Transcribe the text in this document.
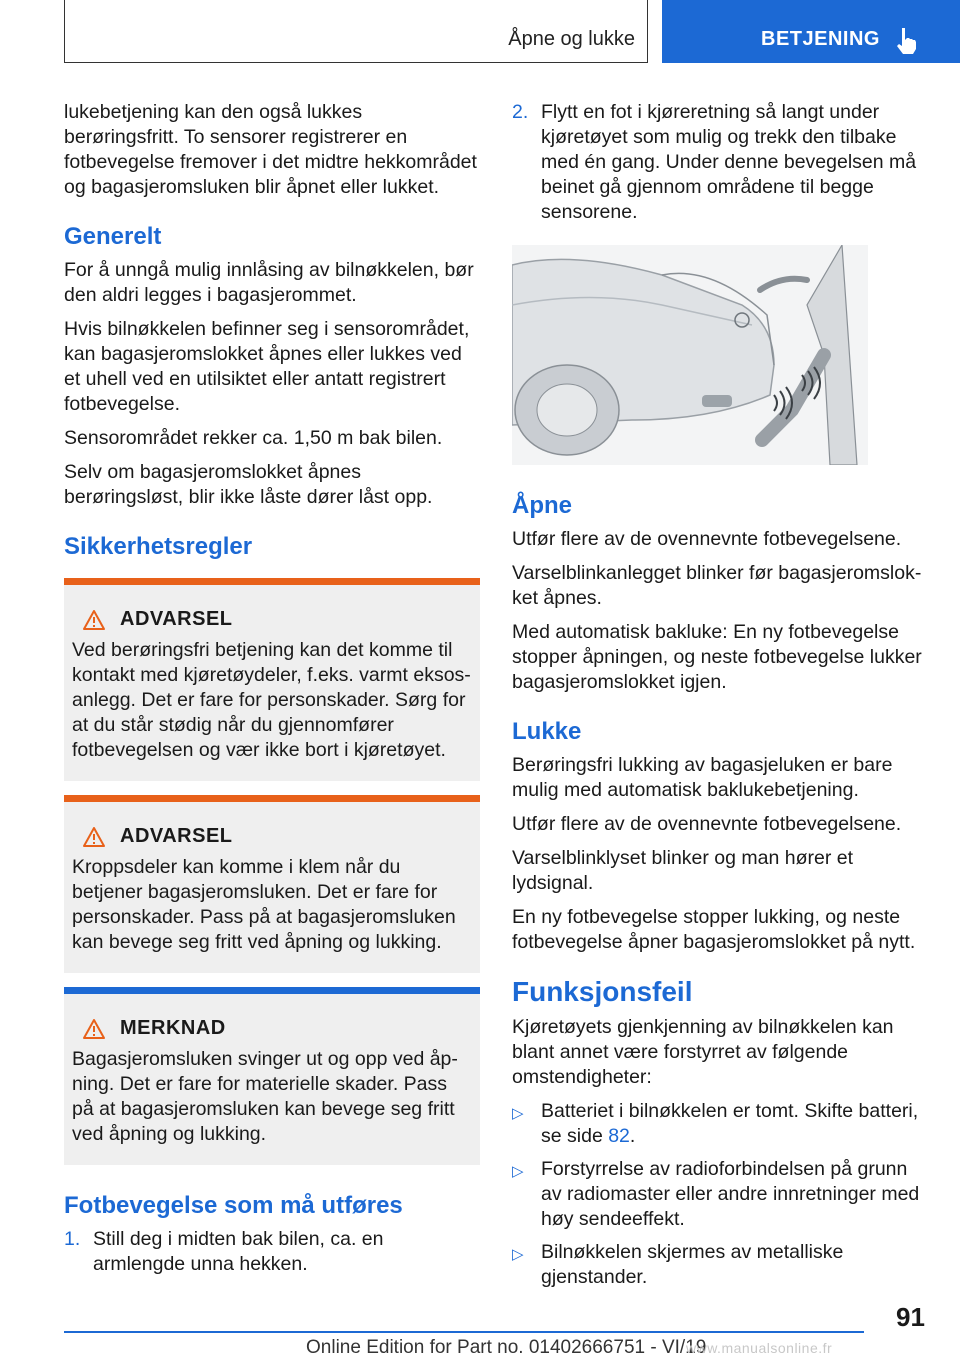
Åpne og lukke	BETJENING

lukebetjening kan den også lukkes berøringsfritt. To sensorer registrerer en fotbevegelse fremover i det midtre hekkområdet og bagasjeromsluken blir åpnet eller lukket.

Generelt

For å unngå mulig innlåsing av bilnøkkelen, bør den aldri legges i bagasjerommet.

Hvis bilnøkkelen befinner seg i sensorområdet, kan bagasjeromslokket åpnes eller lukkes ved et uhell ved en utilsiktet eller antatt registrert fotbevegelse.

Sensorområdet rekker ca. 1,50 m bak bilen.

Selv om bagasjeromslokket åpnes berøringsløst, blir ikke låste dører låst opp.

Sikkerhetsregler
ADVARSEL
Ved berøringsfri betjening kan det komme til kontakt med kjøretøydeler, f.eks. varmt eksosanlegg. Det er fare for personskader. Sørg for at du står stødig når du gjennomfører fotbevegelsen og vær ikke bort i kjøretøyet.
ADVARSEL
Kroppsdeler kan komme i klem når du betjener bagasjeromsluken. Det er fare for personskader. Pass på at bagasjeromsluken kan bevege seg fritt ved åpning og lukking.
MERKNAD
Bagasjeromsluken svinger ut og opp ved åpning. Det er fare for materielle skader. Pass på at bagasjeromsluken kan bevege seg fritt ved åpning og lukking.
Fotbevegelse som må utføres
1. Still deg i midten bak bilen, ca. en armlengde unna hekken.
2. Flytt en fot i kjøreretning så langt under kjøretøyet som mulig og trekk den tilbake med én gang. Under denne bevegelsen må beinet gå gjennom områdene til begge sensorene.
Åpne

Utfør flere av de ovennevnte fotbevegelsene.

Varselblinkanlegget blinker før bagasjeromslokket åpnes.

Med automatisk bakluke: En ny fotbevegelse stopper åpningen, og neste fotbevegelse lukker bagasjeromslokket igjen.

Lukke

Berøringsfri lukking av bagasjeluken er bare mulig med automatisk baklukebetjening.

Utfør flere av de ovennevnte fotbevegelsene.

Varselblinklyset blinker og man hører et lydsignal.

En ny fotbevegelse stopper lukking, og neste fotbevegelse åpner bagasjeromslokket på nytt.

Funksjonsfeil

Kjøretøyets gjenkjenning av bilnøkkelen kan blant annet være forstyrret av følgende omstendigheter:

▷ Batteriet i bilnøkkelen er tomt. Skifte batteri, se side 82.
▷ Forstyrrelse av radioforbindelsen på grunn av radiomaster eller andre innretninger med høy sendeeffekt.
▷ Bilnøkkelen skjermes av metalliske gjenstander.
91
Online Edition for Part no. 01402666751 - VI/19
www.manualsonline.fr
